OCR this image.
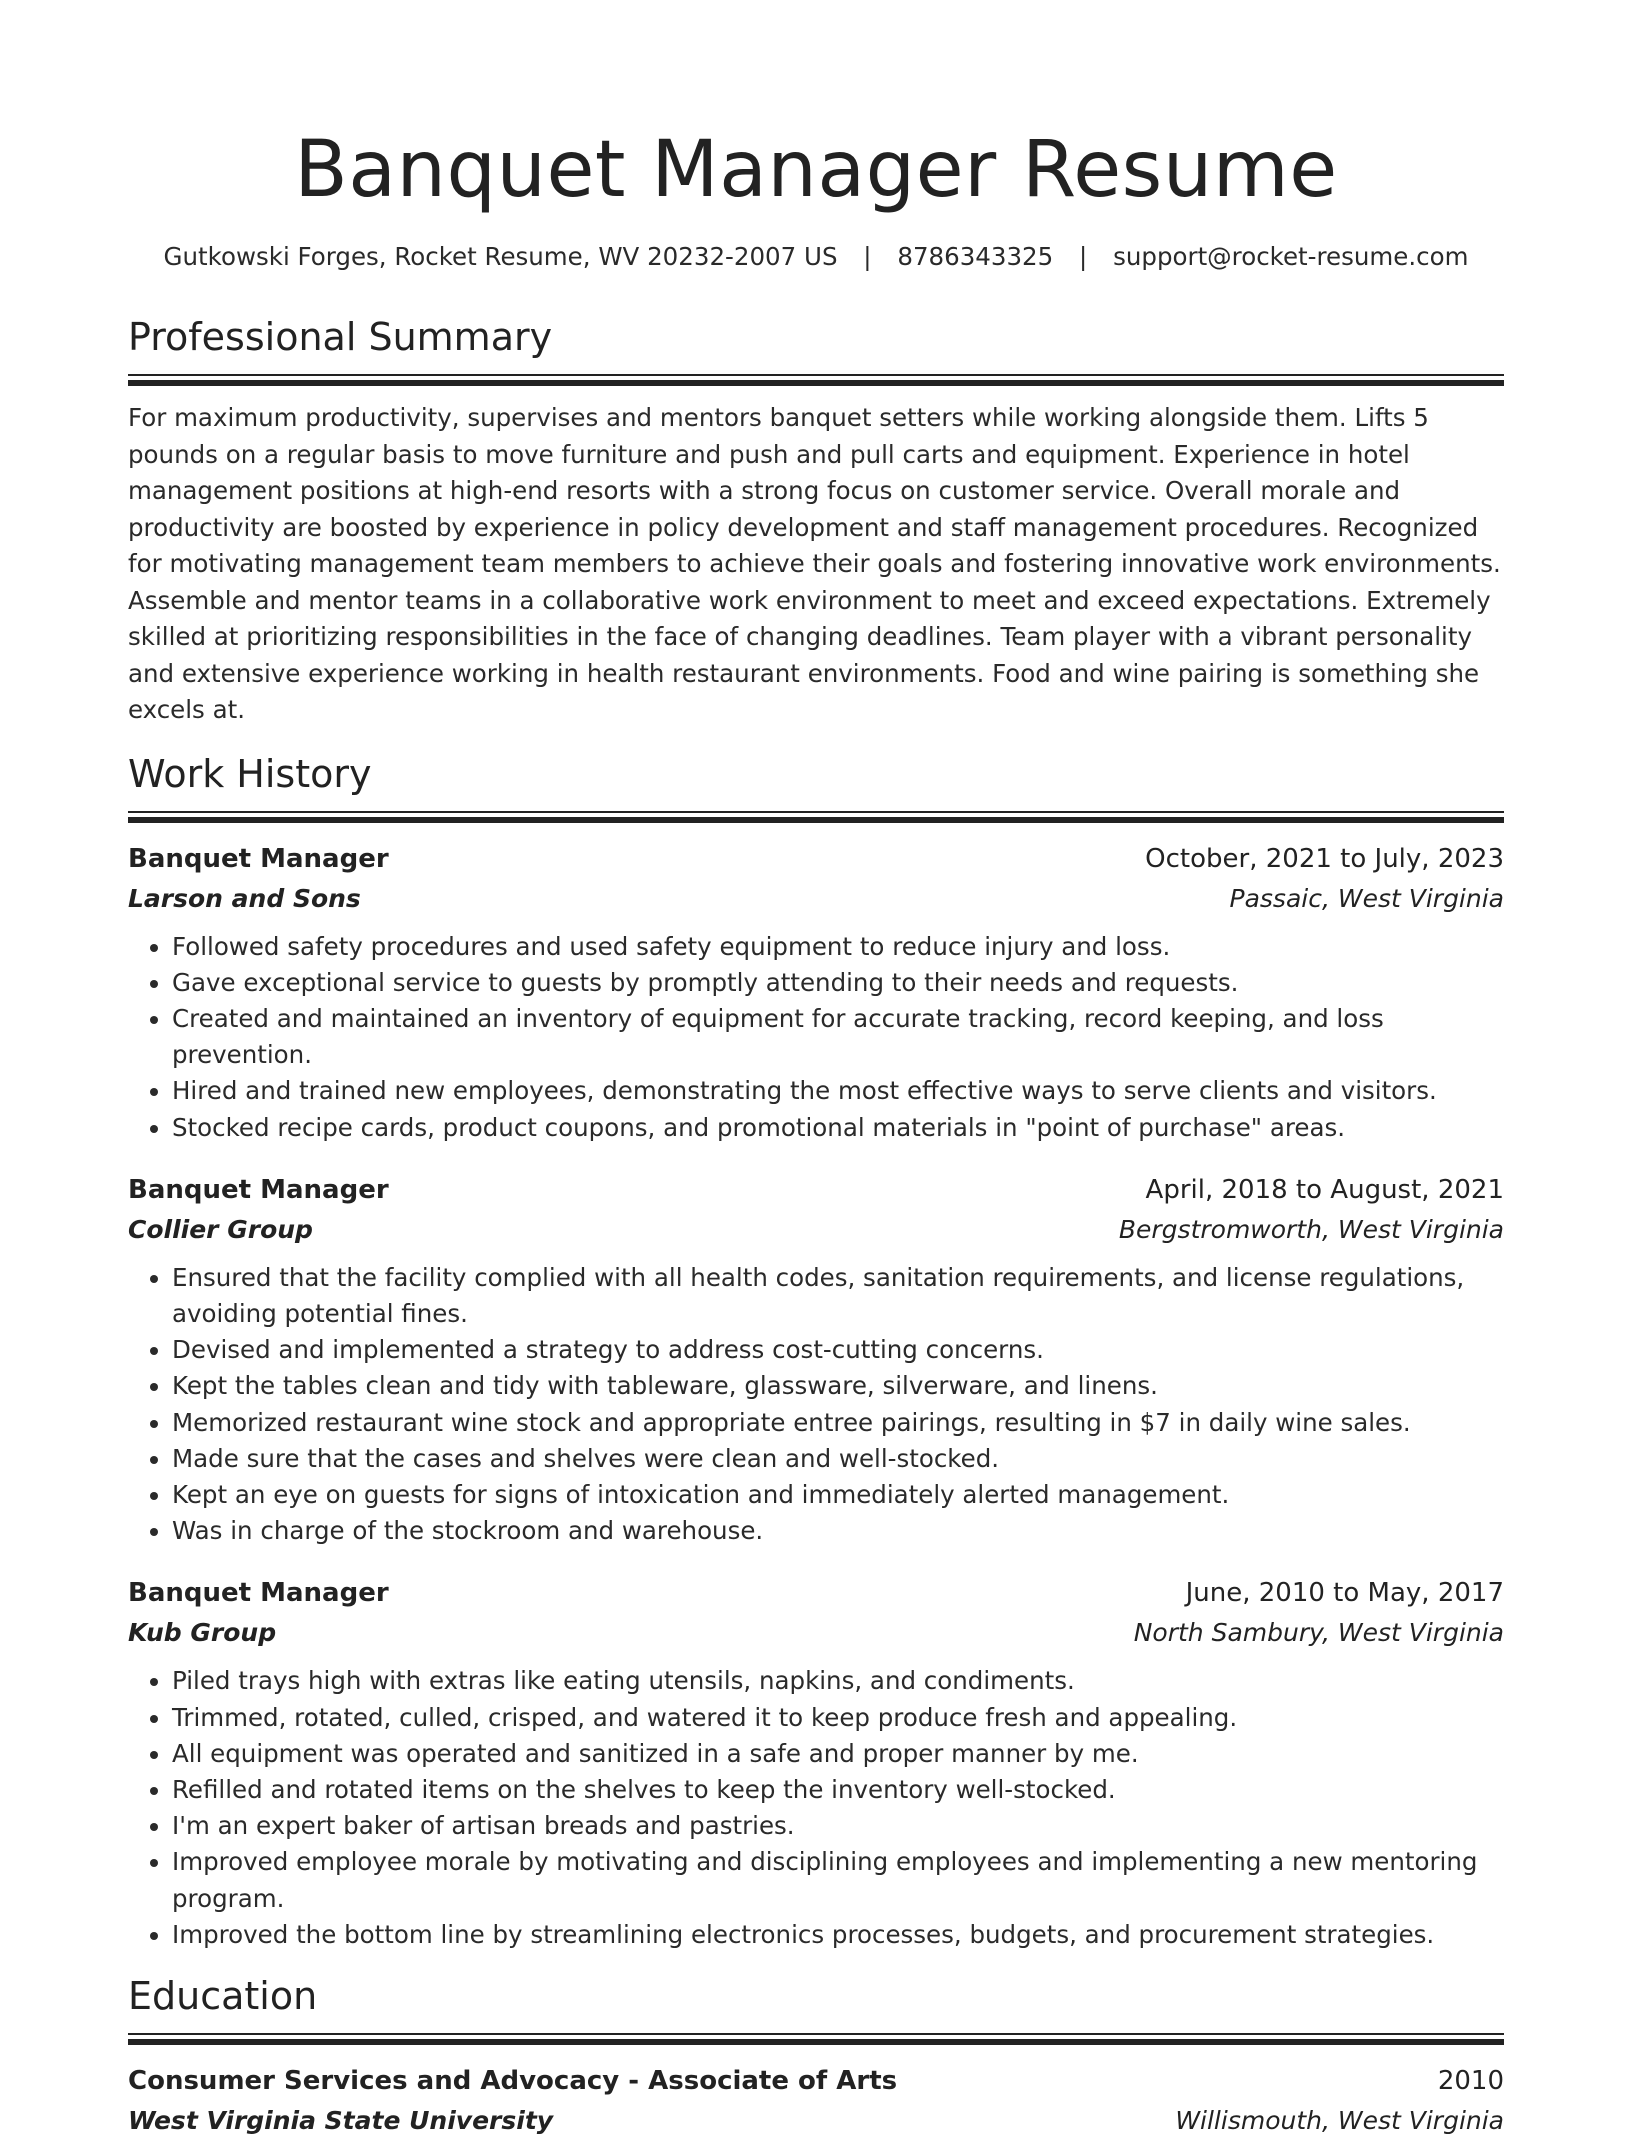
Banquet Manager Resume
Gutkowski Forges, Rocket Resume, WV 20232-2007 US | 8786343325 | support@rocket-resume.com
Professional Summary

For maximum productivity, supervises and mentors banquet setters while working alongside them. Lifts 5 pounds on a regular basis to move furniture and push and pull carts and equipment. Experience in hotel management positions at high-end resorts with a strong focus on customer service. Overall morale and productivity are boosted by experience in policy development and staff management procedures. Recognized for motivating management team members to achieve their goals and fostering innovative work environments. Assemble and mentor teams in a collaborative work environment to meet and exceed expectations. Extremely skilled at prioritizing responsibilities in the face of changing deadlines. Team player with a vibrant personality and extensive experience working in health restaurant environments. Food and wine pairing is something she excels at.

Work History
Banquet Manager	October, 2021 to July, 2023
Larson and Sons	Passaic, West Virginia
• Followed safety procedures and used safety equipment to reduce injury and loss.
• Gave exceptional service to guests by promptly attending to their needs and requests.
• Created and maintained an inventory of equipment for accurate tracking, record keeping, and loss prevention.
• Hired and trained new employees, demonstrating the most effective ways to serve clients and visitors.
• Stocked recipe cards, product coupons, and promotional materials in "point of purchase" areas.
Banquet Manager	April, 2018 to August, 2021
Collier Group	Bergstromworth, West Virginia
• Ensured that the facility complied with all health codes, sanitation requirements, and license regulations, avoiding potential fines.
• Devised and implemented a strategy to address cost-cutting concerns.
• Kept the tables clean and tidy with tableware, glassware, silverware, and linens.
• Memorized restaurant wine stock and appropriate entree pairings, resulting in $7 in daily wine sales.
• Made sure that the cases and shelves were clean and well-stocked.
• Kept an eye on guests for signs of intoxication and immediately alerted management.
• Was in charge of the stockroom and warehouse.
Banquet Manager	June, 2010 to May, 2017
Kub Group	North Sambury, West Virginia
• Piled trays high with extras like eating utensils, napkins, and condiments.
• Trimmed, rotated, culled, crisped, and watered it to keep produce fresh and appealing.
• All equipment was operated and sanitized in a safe and proper manner by me.
• Refilled and rotated items on the shelves to keep the inventory well-stocked.
• I'm an expert baker of artisan breads and pastries.
• Improved employee morale by motivating and disciplining employees and implementing a new mentoring program.
• Improved the bottom line by streamlining electronics processes, budgets, and procurement strategies.
Education
Consumer Services and Advocacy - Associate of Arts	2010
West Virginia State University	Willismouth, West Virginia
